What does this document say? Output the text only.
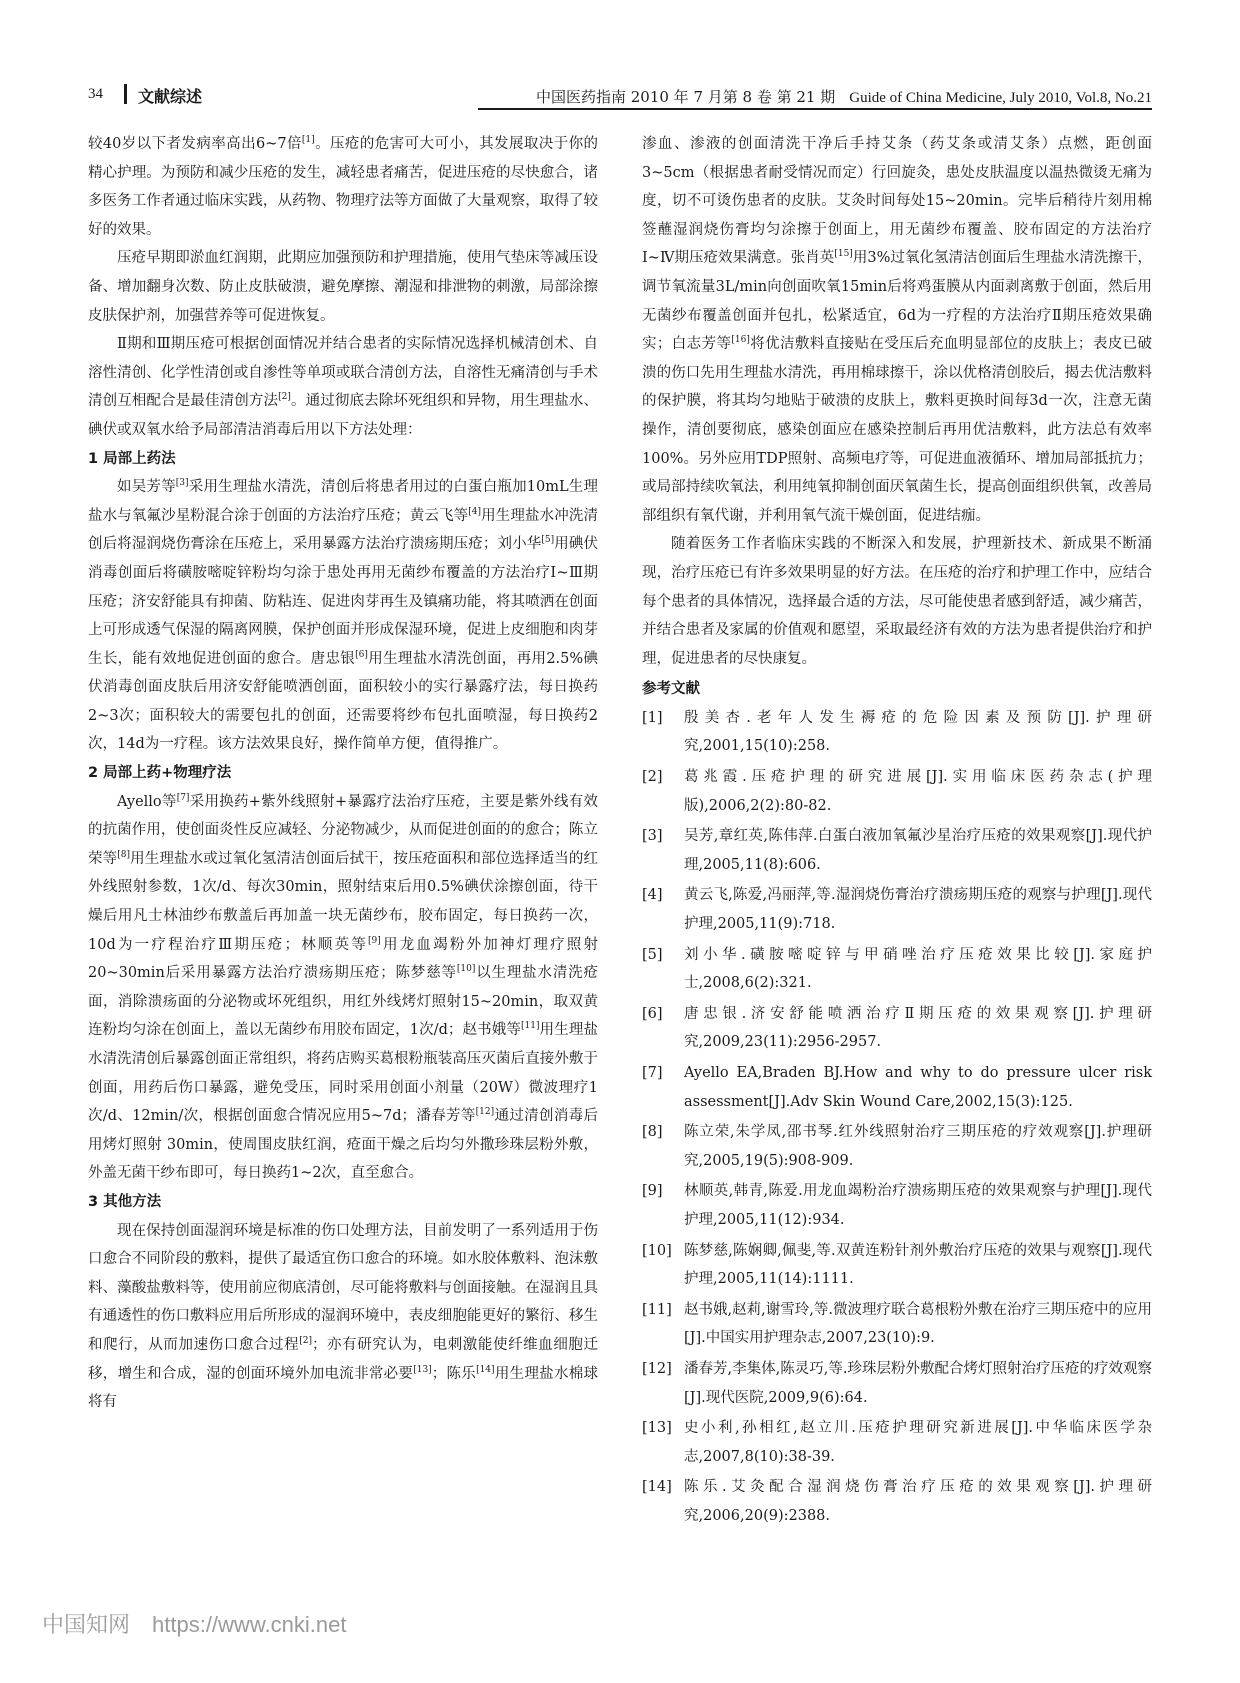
34 文献综述	中国医药指南 2010 年 7 月第 8 卷 第 21 期 Guide of China Medicine, July 2010, Vol.8, No.21

较40岁以下者发病率高出6~7倍[1]。压疮的危害可大可小，其发展取决于你的精心护理。为预防和减少压疮的发生，减轻患者痛苦，促进压疮的尽快愈合，诸多医务工作者通过临床实践，从药物、物理疗法等方面做了大量观察，取得了较好的效果。

压疮早期即淤血红润期，此期应加强预防和护理措施，使用气垫床等减压设备、增加翻身次数、防止皮肤破溃，避免摩擦、潮湿和排泄物的刺激，局部涂擦皮肤保护剂，加强营养等可促进恢复。

Ⅱ期和Ⅲ期压疮可根据创面情况并结合患者的实际情况选择机械清创术、自溶性清创、化学性清创或自渗性等单项或联合清创方法，自溶性无痛清创与手术清创互相配合是最佳清创方法[2]。通过彻底去除坏死组织和异物，用生理盐水、碘伏或双氧水给予局部清洁消毒后用以下方法处理：

1 局部上药法

如吴芳等[3]采用生理盐水清洗，清创后将患者用过的白蛋白瓶加10mL生理盐水与氧氟沙星粉混合涂于创面的方法治疗压疮；黄云飞等[4]用生理盐水冲洗清创后将湿润烧伤膏涂在压疮上，采用暴露方法治疗溃疡期压疮；刘小华[5]用碘伏消毒创面后将磺胺嘧啶锌粉均匀涂于患处再用无菌纱布覆盖的方法治疗Ⅰ~Ⅲ期压疮；济安舒能具有抑菌、防粘连、促进肉芽再生及镇痛功能，将其喷洒在创面上可形成透气保湿的隔离网膜，保护创面并形成保湿环境，促进上皮细胞和肉芽生长，能有效地促进创面的愈合。唐忠银[6]用生理盐水清洗创面，再用2.5%碘伏消毒创面皮肤后用济安舒能喷洒创面，面积较小的实行暴露疗法，每日换药2~3次；面积较大的需要包扎的创面，还需要将纱布包扎面喷湿，每日换药2次，14d为一疗程。该方法效果良好，操作简单方便，值得推广。

2 局部上药+物理疗法

Ayello等[7]采用换药+紫外线照射+暴露疗法治疗压疮，主要是紫外线有效的抗菌作用，使创面炎性反应减轻、分泌物减少，从而促进创面的的愈合；陈立荣等[8]用生理盐水或过氧化氢清洁创面后拭干，按压疮面积和部位选择适当的红外线照射参数，1次/d、每次30min，照射结束后用0.5%碘伏涂擦创面，待干燥后用凡士林油纱布敷盖后再加盖一块无菌纱布，胶布固定，每日换药一次，10d为一疗程治疗Ⅲ期压疮；林顺英等[9]用龙血竭粉外加神灯理疗照射20~30min后采用暴露方法治疗溃疡期压疮；陈梦慈等[10]以生理盐水清洗疮面，消除溃疡面的分泌物或坏死组织，用红外线烤灯照射15~20min，取双黄连粉均匀涂在创面上，盖以无菌纱布用胶布固定，1次/d；赵书娥等[11]用生理盐水清洗清创后暴露创面正常组织，将药店购买葛根粉瓶装高压灭菌后直接外敷于创面，用药后伤口暴露，避免受压，同时采用创面小剂量（20W）微波理疗1次/d、12min/次，根据创面愈合情况应用5~7d；潘春芳等[12]通过清创消毒后用烤灯照射 30min，使周围皮肤红润，疮面干燥之后均匀外撒珍珠层粉外敷，外盖无菌干纱布即可，每日换药1~2次，直至愈合。

3 其他方法

现在保持创面湿润环境是标准的伤口处理方法，目前发明了一系列适用于伤口愈合不同阶段的敷料，提供了最适宜伤口愈合的环境。如水胶体敷料、泡沫敷料、藻酸盐敷料等，使用前应彻底清创，尽可能将敷料与创面接触。在湿润且具有通透性的伤口敷料应用后所形成的湿润环境中，表皮细胞能更好的繁衍、移生和爬行，从而加速伤口愈合过程[2]；亦有研究认为，电刺激能使纤维血细胞迁移，增生和合成，湿的创面环境外加电流非常必要[13]；陈乐[14]用生理盐水棉球将有

渗血、渗液的创面清洗干净后手持艾条（药艾条或清艾条）点燃，距创面3~5cm（根据患者耐受情况而定）行回旋灸，患处皮肤温度以温热微烫无痛为度，切不可烫伤患者的皮肤。艾灸时间每处15~20min。完毕后稍待片刻用棉签蘸湿润烧伤膏均匀涂擦于创面上，用无菌纱布覆盖、胶布固定的方法治疗Ⅰ~Ⅳ期压疮效果满意。张肖英[15]用3%过氧化氢清洁创面后生理盐水清洗擦干，调节氧流量3L/min向创面吹氧15min后将鸡蛋膜从内面剥离敷于创面，然后用无菌纱布覆盖创面并包扎，松紧适宜，6d为一疗程的方法治疗Ⅱ期压疮效果确实；白志芳等[16]将优洁敷料直接贴在受压后充血明显部位的皮肤上；表皮已破溃的伤口先用生理盐水清洗，再用棉球擦干，涂以优格清创胶后，揭去优洁敷料的保护膜，将其均匀地贴于破溃的皮肤上，敷料更换时间每3d一次，注意无菌操作，清创要彻底，感染创面应在感染控制后再用优洁敷料，此方法总有效率100%。另外应用TDP照射、高频电疗等，可促进血液循环、增加局部抵抗力；或局部持续吹氧法，利用纯氧抑制创面厌氧菌生长，提高创面组织供氧，改善局部组织有氧代谢，并利用氧气流干燥创面，促进结痂。

随着医务工作者临床实践的不断深入和发展，护理新技术、新成果不断涌现，治疗压疮已有许多效果明显的好方法。在压疮的治疗和护理工作中，应结合每个患者的具体情况，选择最合适的方法，尽可能使患者感到舒适，减少痛苦，并结合患者及家属的价值观和愿望，采取最经济有效的方法为患者提供治疗和护理，促进患者的尽快康复。

参考文献
[1]	殷美杏.老年人发生褥疮的危险因素及预防[J].护理研究,2001,15(10):258.
[2]	葛兆霞.压疮护理的研究进展[J].实用临床医药杂志(护理版),2006,2(2):80-82.
[3]	吴芳,章红英,陈伟萍.白蛋白液加氧氟沙星治疗压疮的效果观察[J].现代护理,2005,11(8):606.
[4]	黄云飞,陈爱,冯丽萍,等.湿润烧伤膏治疗溃疡期压疮的观察与护理[J].现代护理,2005,11(9):718.
[5]	刘小华.磺胺嘧啶锌与甲硝唑治疗压疮效果比较[J].家庭护士,2008,6(2):321.
[6]	唐忠银.济安舒能喷洒治疗Ⅱ期压疮的效果观察[J].护理研究,2009,23(11):2956-2957.
[7]	Ayello EA,Braden BJ.How and why to do pressure ulcer risk assessment[J].Adv Skin Wound Care,2002,15(3):125.
[8]	陈立荣,朱学凤,邵书琴.红外线照射治疗三期压疮的疗效观察[J].护理研究,2005,19(5):908-909.
[9]	林顺英,韩青,陈爱.用龙血竭粉治疗溃疡期压疮的效果观察与护理[J].现代护理,2005,11(12):934.
[10] 陈梦慈,陈娴卿,佩斐,等.双黄连粉针剂外敷治疗压疮的效果与观察[J].现代护理,2005,11(14):1111.
[11] 赵书娥,赵莉,谢雪玲,等.微波理疗联合葛根粉外敷在治疗三期压疮中的应用[J].中国实用护理杂志,2007,23(10):9.
[12] 潘春芳,李集体,陈灵巧,等.珍珠层粉外敷配合烤灯照射治疗压疮的疗效观察[J].现代医院,2009,9(6):64.
[13] 史小利,孙相红,赵立川.压疮护理研究新进展[J].中华临床医学杂志,2007,8(10):38-39.
[14] 陈乐.艾灸配合湿润烧伤膏治疗压疮的效果观察[J].护理研究,2006,20(9):2388.
中国知网 https://www.cnki.net
